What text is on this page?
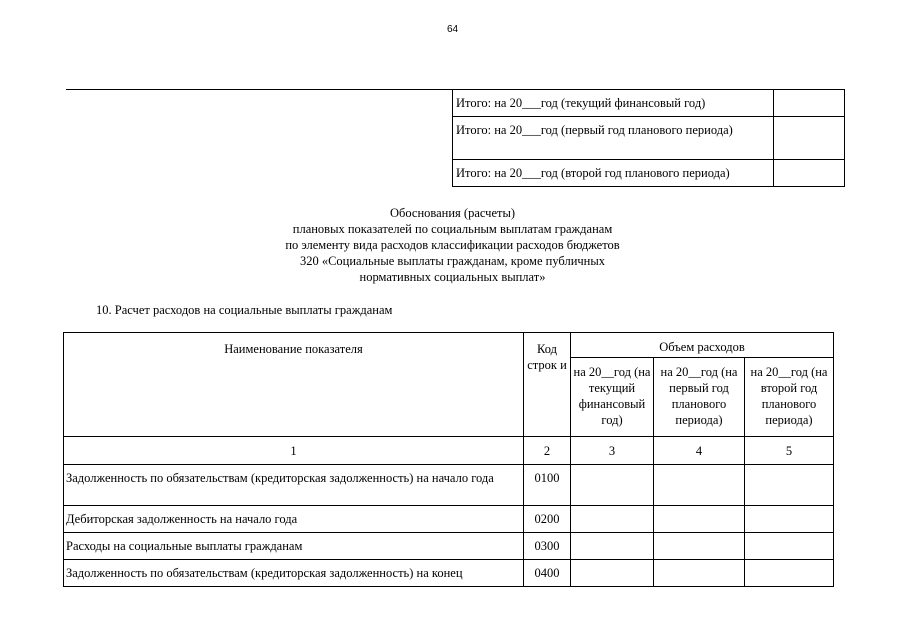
64
Итого: на 20___год (текущий финансовый год)	
Итого: на 20___год (первый год планового периода)	
Итого: на 20___год (второй год планового периода)	
Обоснования (расчеты)
плановых показателей по социальным выплатам гражданам
по элементу вида расходов классификации расходов бюджетов
320 «Социальные выплаты гражданам, кроме публичных
нормативных социальных выплат»
10. Расчет расходов на социальные выплаты гражданам
Наименование показателя	Код строк и	Объем расходов		
		на 20__год (на текущий финансовый год)	на 20__год (на первый год планового периода)	на 20__год (на второй год планового периода)
1	2	3	4	5
Задолженность по обязательствам (кредиторская задолженность) на начало года	0100			
Дебиторская задолженность на начало года	0200			
Расходы на социальные выплаты гражданам	0300			
Задолженность по обязательствам (кредиторская задолженность) на конец	0400			
